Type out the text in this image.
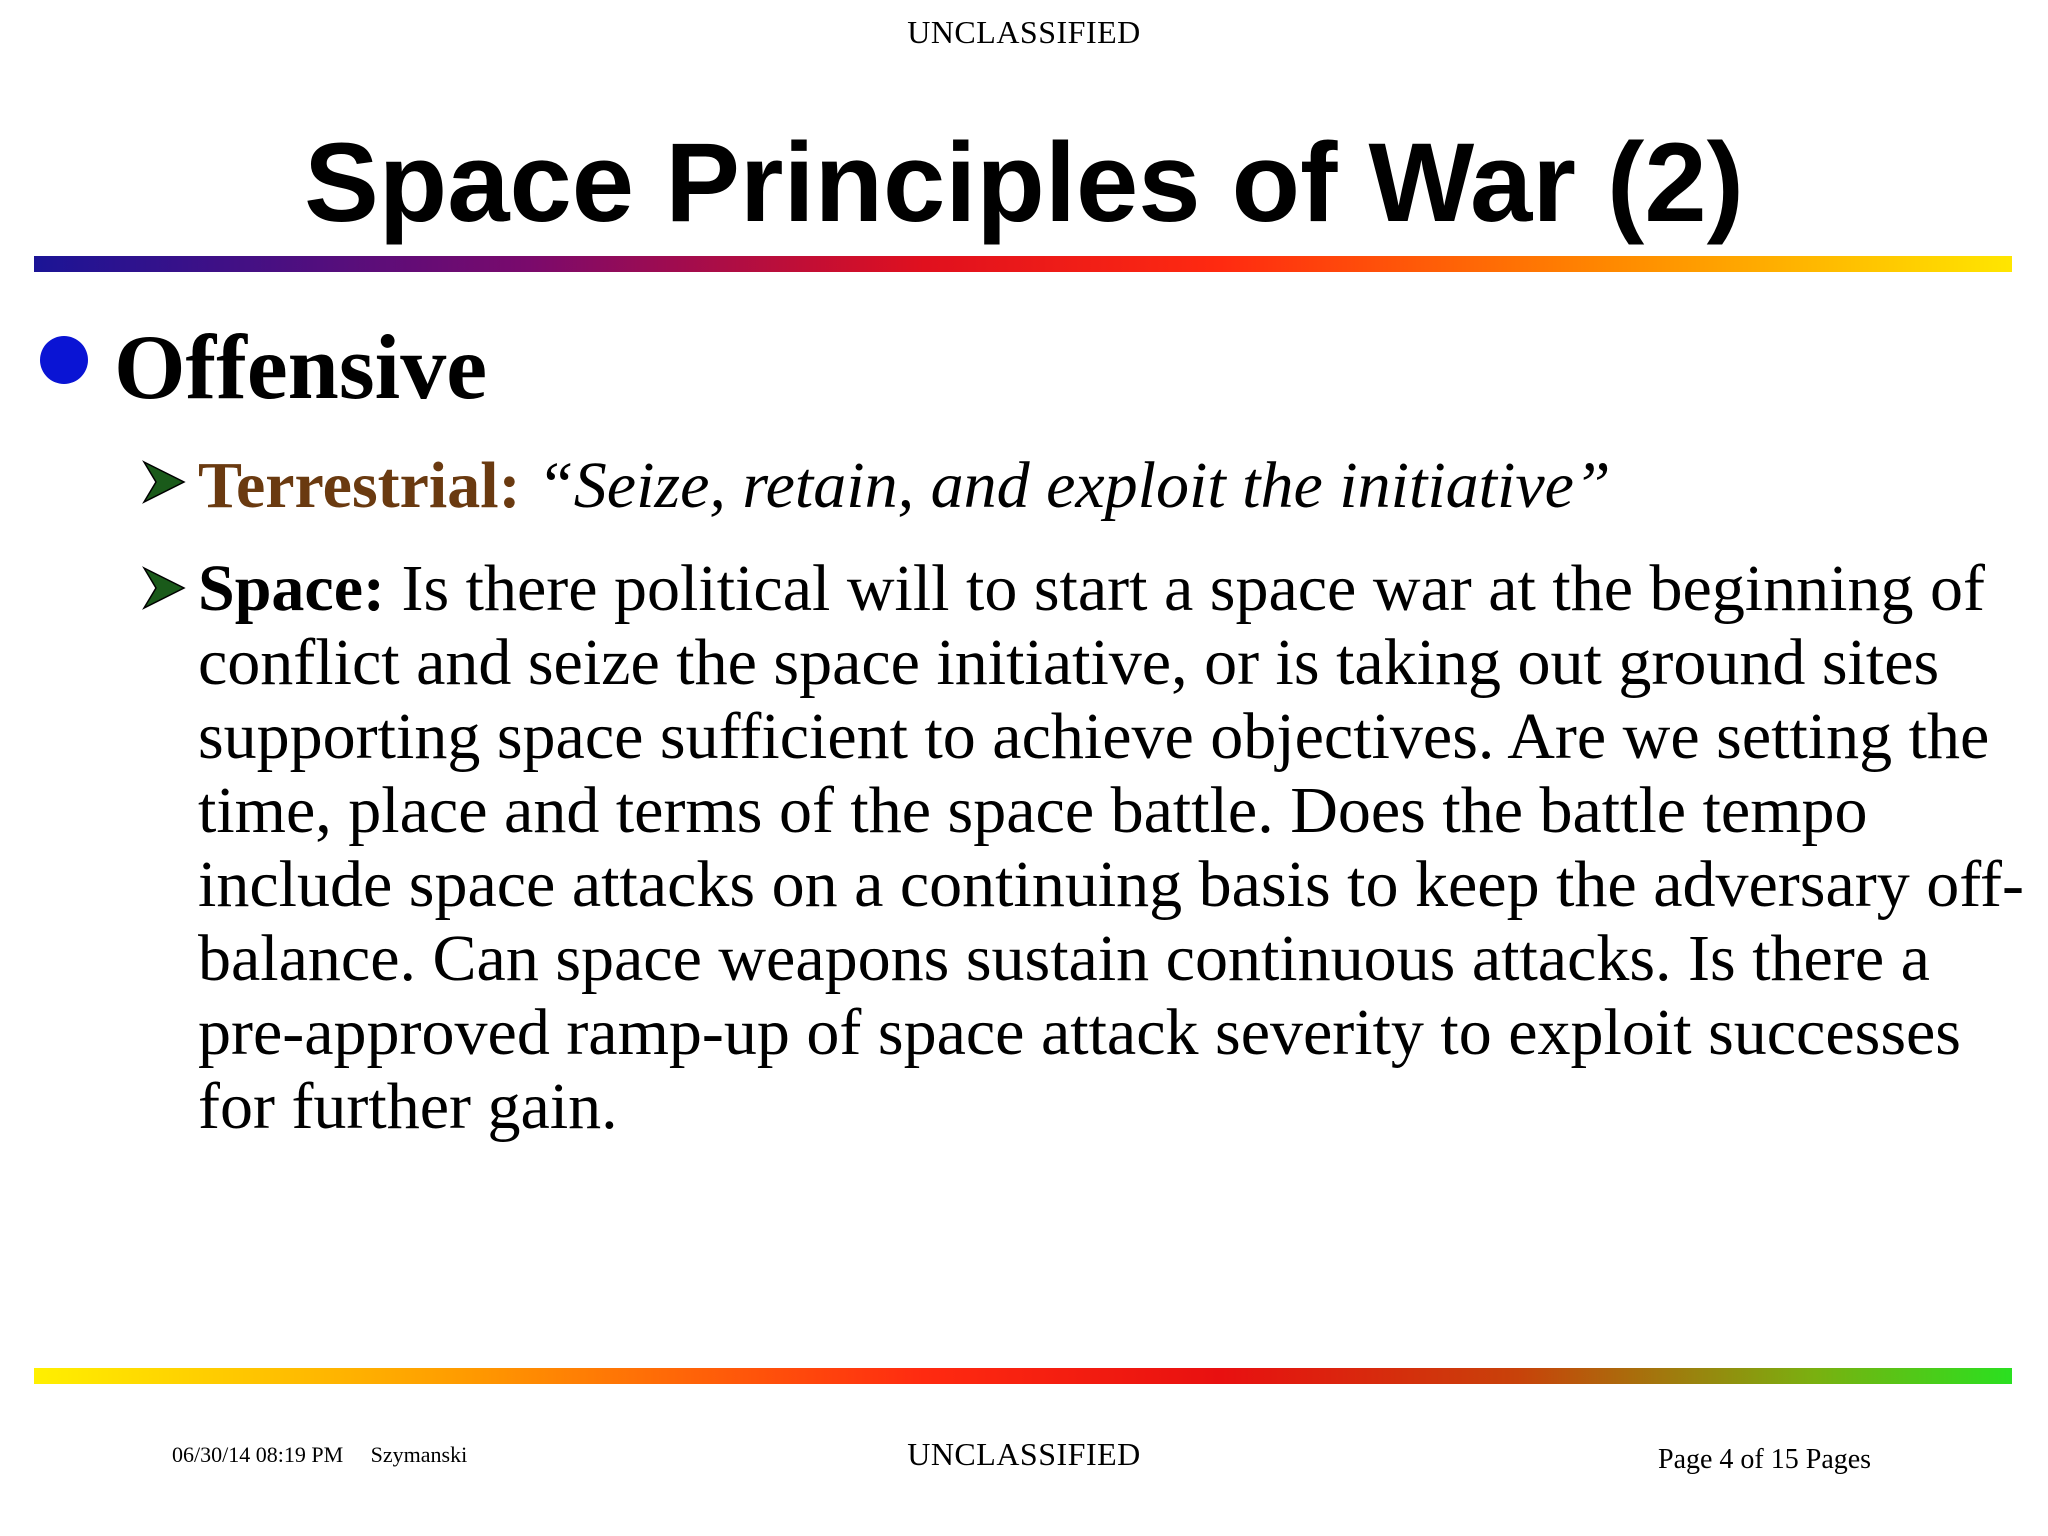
UNCLASSIFIED
Space Principles of War (2)
Offensive
Terrestrial: “Seize, retain, and exploit the initiative”
Space: Is there political will to start a space war at the beginning of conflict and seize the space initiative, or is taking out ground sites supporting space sufficient to achieve objectives. Are we setting the time, place and terms of the space battle. Does the battle tempo include space attacks on a continuing basis to keep the adversary off-balance. Can space weapons sustain continuous attacks. Is there a pre-approved ramp-up of space attack severity to exploit successes for further gain.
06/30/14 08:19 PM Szymanski	UNCLASSIFIED	Page 4 of 15 Pages
